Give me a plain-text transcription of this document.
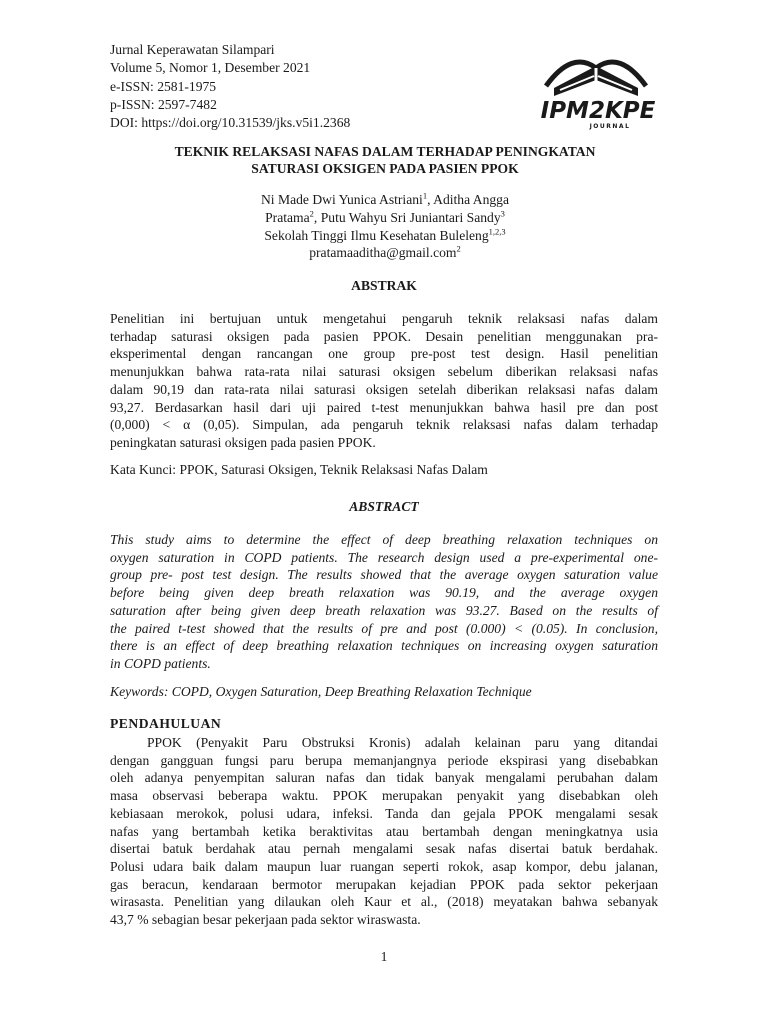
Jurnal Keperawatan Silampari
Volume 5, Nomor 1, Desember 2021
e-ISSN: 2581-1975
p-ISSN: 2597-7482
DOI: https://doi.org/10.31539/jks.v5i1.2368	IPM2KPE
JOURNAL
TEKNIK RELAKSASI NAFAS DALAM TERHADAP PENINGKATAN
SATURASI OKSIGEN PADA PASIEN PPOK
Ni Made Dwi Yunica Astriani$^1$, Aditha Angga
Pratama$^2$, Putu Wahyu Sri Juniantari Sandy$^3$
Sekolah Tinggi Ilmu Kesehatan Buleleng$^{1,2,3}$
pratamaaditha@gmail.com$^2$
ABSTRAK
Penelitian ini bertujuan untuk mengetahui pengaruh teknik relaksasi nafas dalam
terhadap saturasi oksigen pada pasien PPOK. Desain penelitian menggunakan pra-
eksperimental dengan rancangan one group pre-post test design. Hasil penelitian
menunjukkan bahwa rata-rata nilai saturasi oksigen sebelum diberikan relaksasi nafas
dalam 90,19 dan rata-rata nilai saturasi oksigen setelah diberikan relaksasi nafas dalam
93,27. Berdasarkan hasil dari uji paired t-test menunjukkan bahwa hasil pre dan post
(0,000) < α (0,05). Simpulan, ada pengaruh teknik relaksasi nafas dalam terhadap
peningkatan saturasi oksigen pada pasien PPOK.
Kata Kunci: PPOK, Saturasi Oksigen, Teknik Relaksasi Nafas Dalam
ABSTRACT
This study aims to determine the effect of deep breathing relaxation techniques on
oxygen saturation in COPD patients. The research design used a pre-experimental one-
group pre- post test design. The results showed that the average oxygen saturation value
before being given deep breath relaxation was 90.19, and the average oxygen
saturation after being given deep breath relaxation was 93.27. Based on the results of
the paired t-test showed that the results of pre and post (0.000) < (0.05). In conclusion,
there is an effect of deep breathing relaxation techniques on increasing oxygen saturation
in COPD patients.
Keywords: COPD, Oxygen Saturation, Deep Breathing Relaxation Technique
PENDAHULUAN
PPOK (Penyakit Paru Obstruksi Kronis) adalah kelainan paru yang ditandai
dengan gangguan fungsi paru berupa memanjangnya periode ekspirasi yang disebabkan
oleh adanya penyempitan saluran nafas dan tidak banyak mengalami perubahan dalam
masa observasi beberapa waktu. PPOK merupakan penyakit yang disebabkan oleh
kebiasaan merokok, polusi udara, infeksi. Tanda dan gejala PPOK mengalami sesak
nafas yang bertambah ketika beraktivitas atau bertambah dengan meningkatnya usia
disertai batuk berdahak atau pernah mengalami sesak nafas disertai batuk berdahak.
Polusi udara baik dalam maupun luar ruangan seperti rokok, asap kompor, debu jalanan,
gas beracun, kendaraan bermotor merupakan kejadian PPOK pada sektor pekerjaan
wirasasta. Penelitian yang dilaukan oleh Kaur et al., (2018) meyatakan bahwa sebanyak
43,7 % sebagian besar pekerjaan pada sektor wiraswasta.
1
